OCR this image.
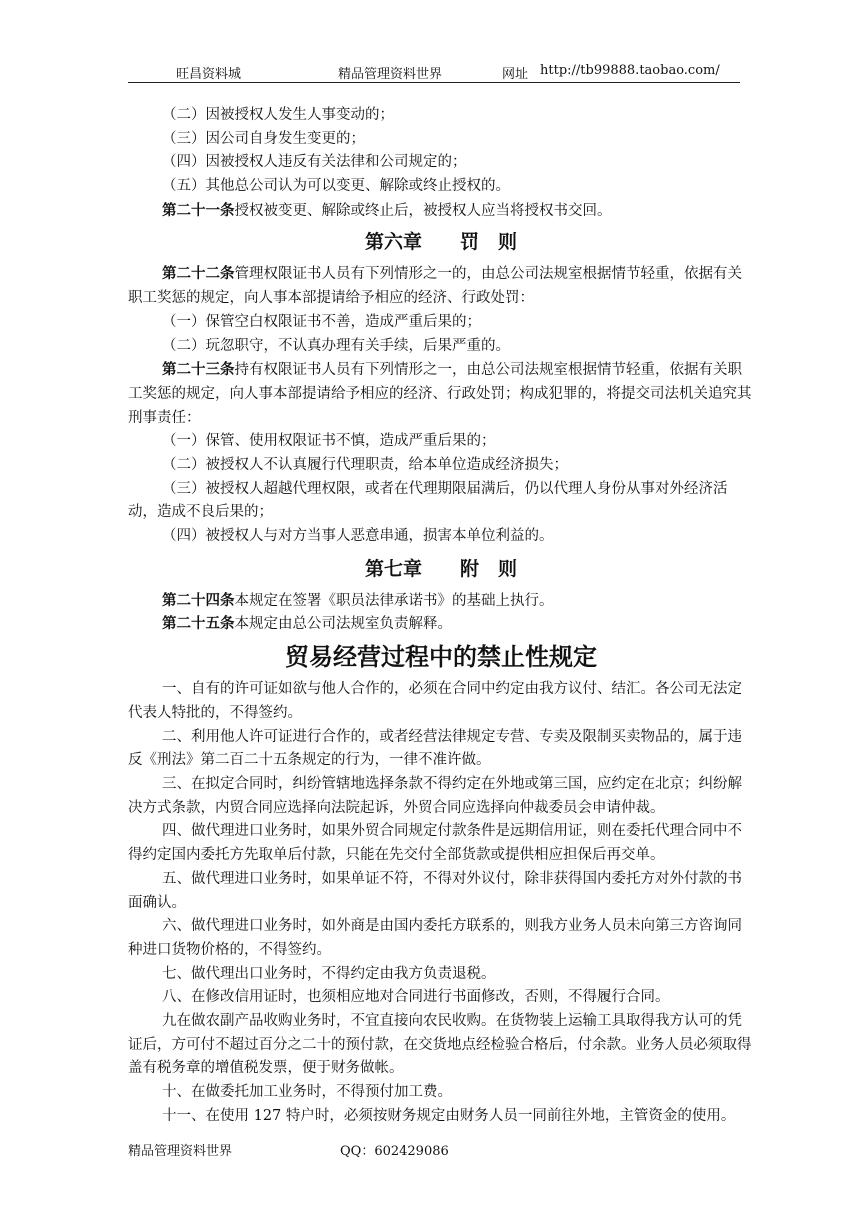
旺昌资料城	精品管理资料世界	网址 http://tb99888.taobao.com/
（二）因被授权人发生人事变动的；
（三）因公司自身发生变更的；
（四）因被授权人违反有关法律和公司规定的；
（五）其他总公司认为可以变更、解除或终止授权的。
第二十一条授权被变更、解除或终止后，被授权人应当将授权书交回。
第六章　　罚　则

第二十二条管理权限证书人员有下列情形之一的，由总公司法规室根据情节轻重，依据有关职工奖惩的规定，向人事本部提请给予相应的经济、行政处罚：

（一）保管空白权限证书不善，造成严重后果的；
（二）玩忽职守，不认真办理有关手续，后果严重的。

第二十三条持有权限证书人员有下列情形之一，由总公司法规室根据情节轻重，依据有关职工奖惩的规定，向人事本部提请给予相应的经济、行政处罚；构成犯罪的，将提交司法机关追究其刑事责任：

（一）保管、使用权限证书不慎，造成严重后果的；
（二）被授权人不认真履行代理职责，给本单位造成经济损失；

（三）被授权人超越代理权限，或者在代理期限届满后，仍以代理人身份从事对外经济活动，造成不良后果的；

（四）被授权人与对方当事人恶意串通，损害本单位利益的。
第七章　　附　则
第二十四条本规定在签署《职员法律承诺书》的基础上执行。
第二十五条本规定由总公司法规室负责解释。
贸易经营过程中的禁止性规定

一、自有的许可证如欲与他人合作的，必须在合同中约定由我方议付、结汇。各公司无法定代表人特批的，不得签约。

二、利用他人许可证进行合作的，或者经营法律规定专营、专卖及限制买卖物品的，属于违反《刑法》第二百二十五条规定的行为，一律不准许做。

三、在拟定合同时，纠纷管辖地选择条款不得约定在外地或第三国，应约定在北京；纠纷解决方式条款，内贸合同应选择向法院起诉，外贸合同应选择向仲裁委员会申请仲裁。

四、做代理进口业务时，如果外贸合同规定付款条件是远期信用证，则在委托代理合同中不得约定国内委托方先取单后付款，只能在先交付全部货款或提供相应担保后再交单。

五、做代理进口业务时，如果单证不符，不得对外议付，除非获得国内委托方对外付款的书面确认。

六、做代理进口业务时，如外商是由国内委托方联系的，则我方业务人员未向第三方咨询同种进口货物价格的，不得签约。

七、做代理出口业务时，不得约定由我方负责退税。

八、在修改信用证时，也须相应地对合同进行书面修改，否则，不得履行合同。

九在做农副产品收购业务时，不宜直接向农民收购。在货物装上运输工具取得我方认可的凭证后，方可付不超过百分之二十的预付款，在交货地点经检验合格后，付余款。业务人员必须取得盖有税务章的增值税发票，便于财务做帐。

十、在做委托加工业务时，不得预付加工费。

十一、在使用 127 特户时，必须按财务规定由财务人员一同前往外地，主管资金的使用。

精品管理资料世界	QQ：602429086
